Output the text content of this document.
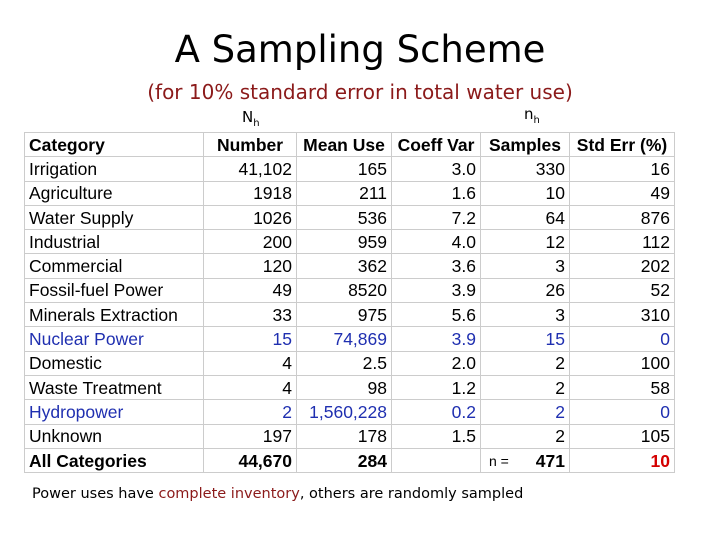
A Sampling Scheme
(for 10% standard error in total water use)
$N_h$
$n_h$
Category	Number	Mean Use	Coeff Var	Samples	Std Err (%)
Irrigation	41,102	165	3.0	330	16
Agriculture	1918	211	1.6	10	49
Water Supply	1026	536	7.2	64	876
Industrial	200	959	4.0	12	112
Commercial	120	362	3.6	3	202
Fossil-fuel Power	49	8520	3.9	26	52
Minerals Extraction	33	975	5.6	3	310
Nuclear Power	15	74,869	3.9	15	0
Domestic	4	2.5	2.0	2	100
Waste Treatment	4	98	1.2	2	58
Hydropower	2	1,560,228	0.2	2	0
Unknown	197	178	1.5	2	105
All Categories	44,670	284		n = 471	10
Power uses have complete inventory, others are randomly sampled
